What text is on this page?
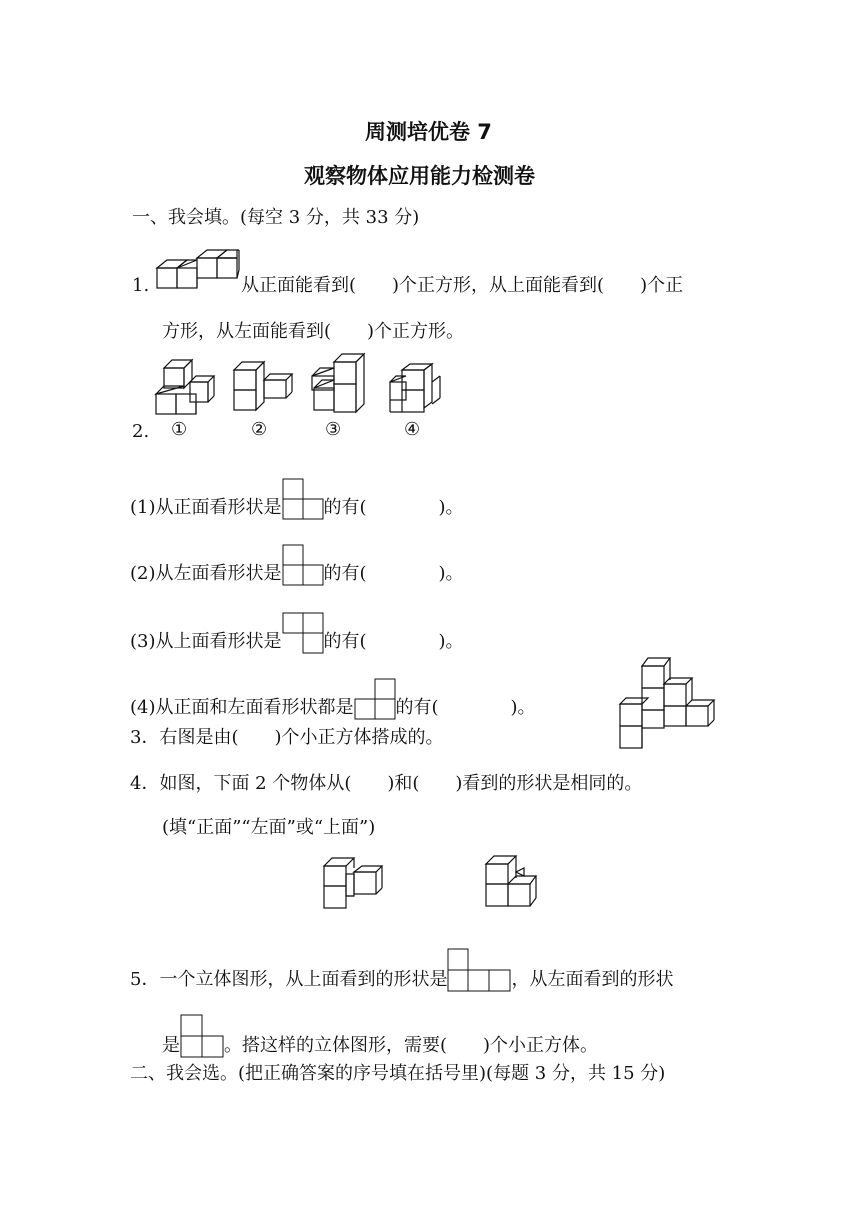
周测培优卷 7
观察物体应用能力检测卷
一、我会填。(每空 3 分，共 33 分)
1.	从正面能看到(　　)个正方形，从上面能看到(　　)个正
方形，从左面能看到(　　)个正方形。
2. ①	②	③	④
(1)从正面看形状是 的有(　　　　)。
(2)从左面看形状是 的有(　　　　)。
(3)从上面看形状是 的有(　　　　)。
(4)从正面和左面看形状都是 的有(　　　　)。
3．右图是由(　　)个小正方体搭成的。
4．如图，下面 2 个物体从(　　)和(　　)看到的形状是相同的。
(填“正面”“左面”或“上面”)
5．一个立体图形，从上面看到的形状是	，从左面看到的形状
是 。搭这样的立体图形，需要(　　)个小正方体。
二、我会选。(把正确答案的序号填在括号里)(每题 3 分，共 15 分)
